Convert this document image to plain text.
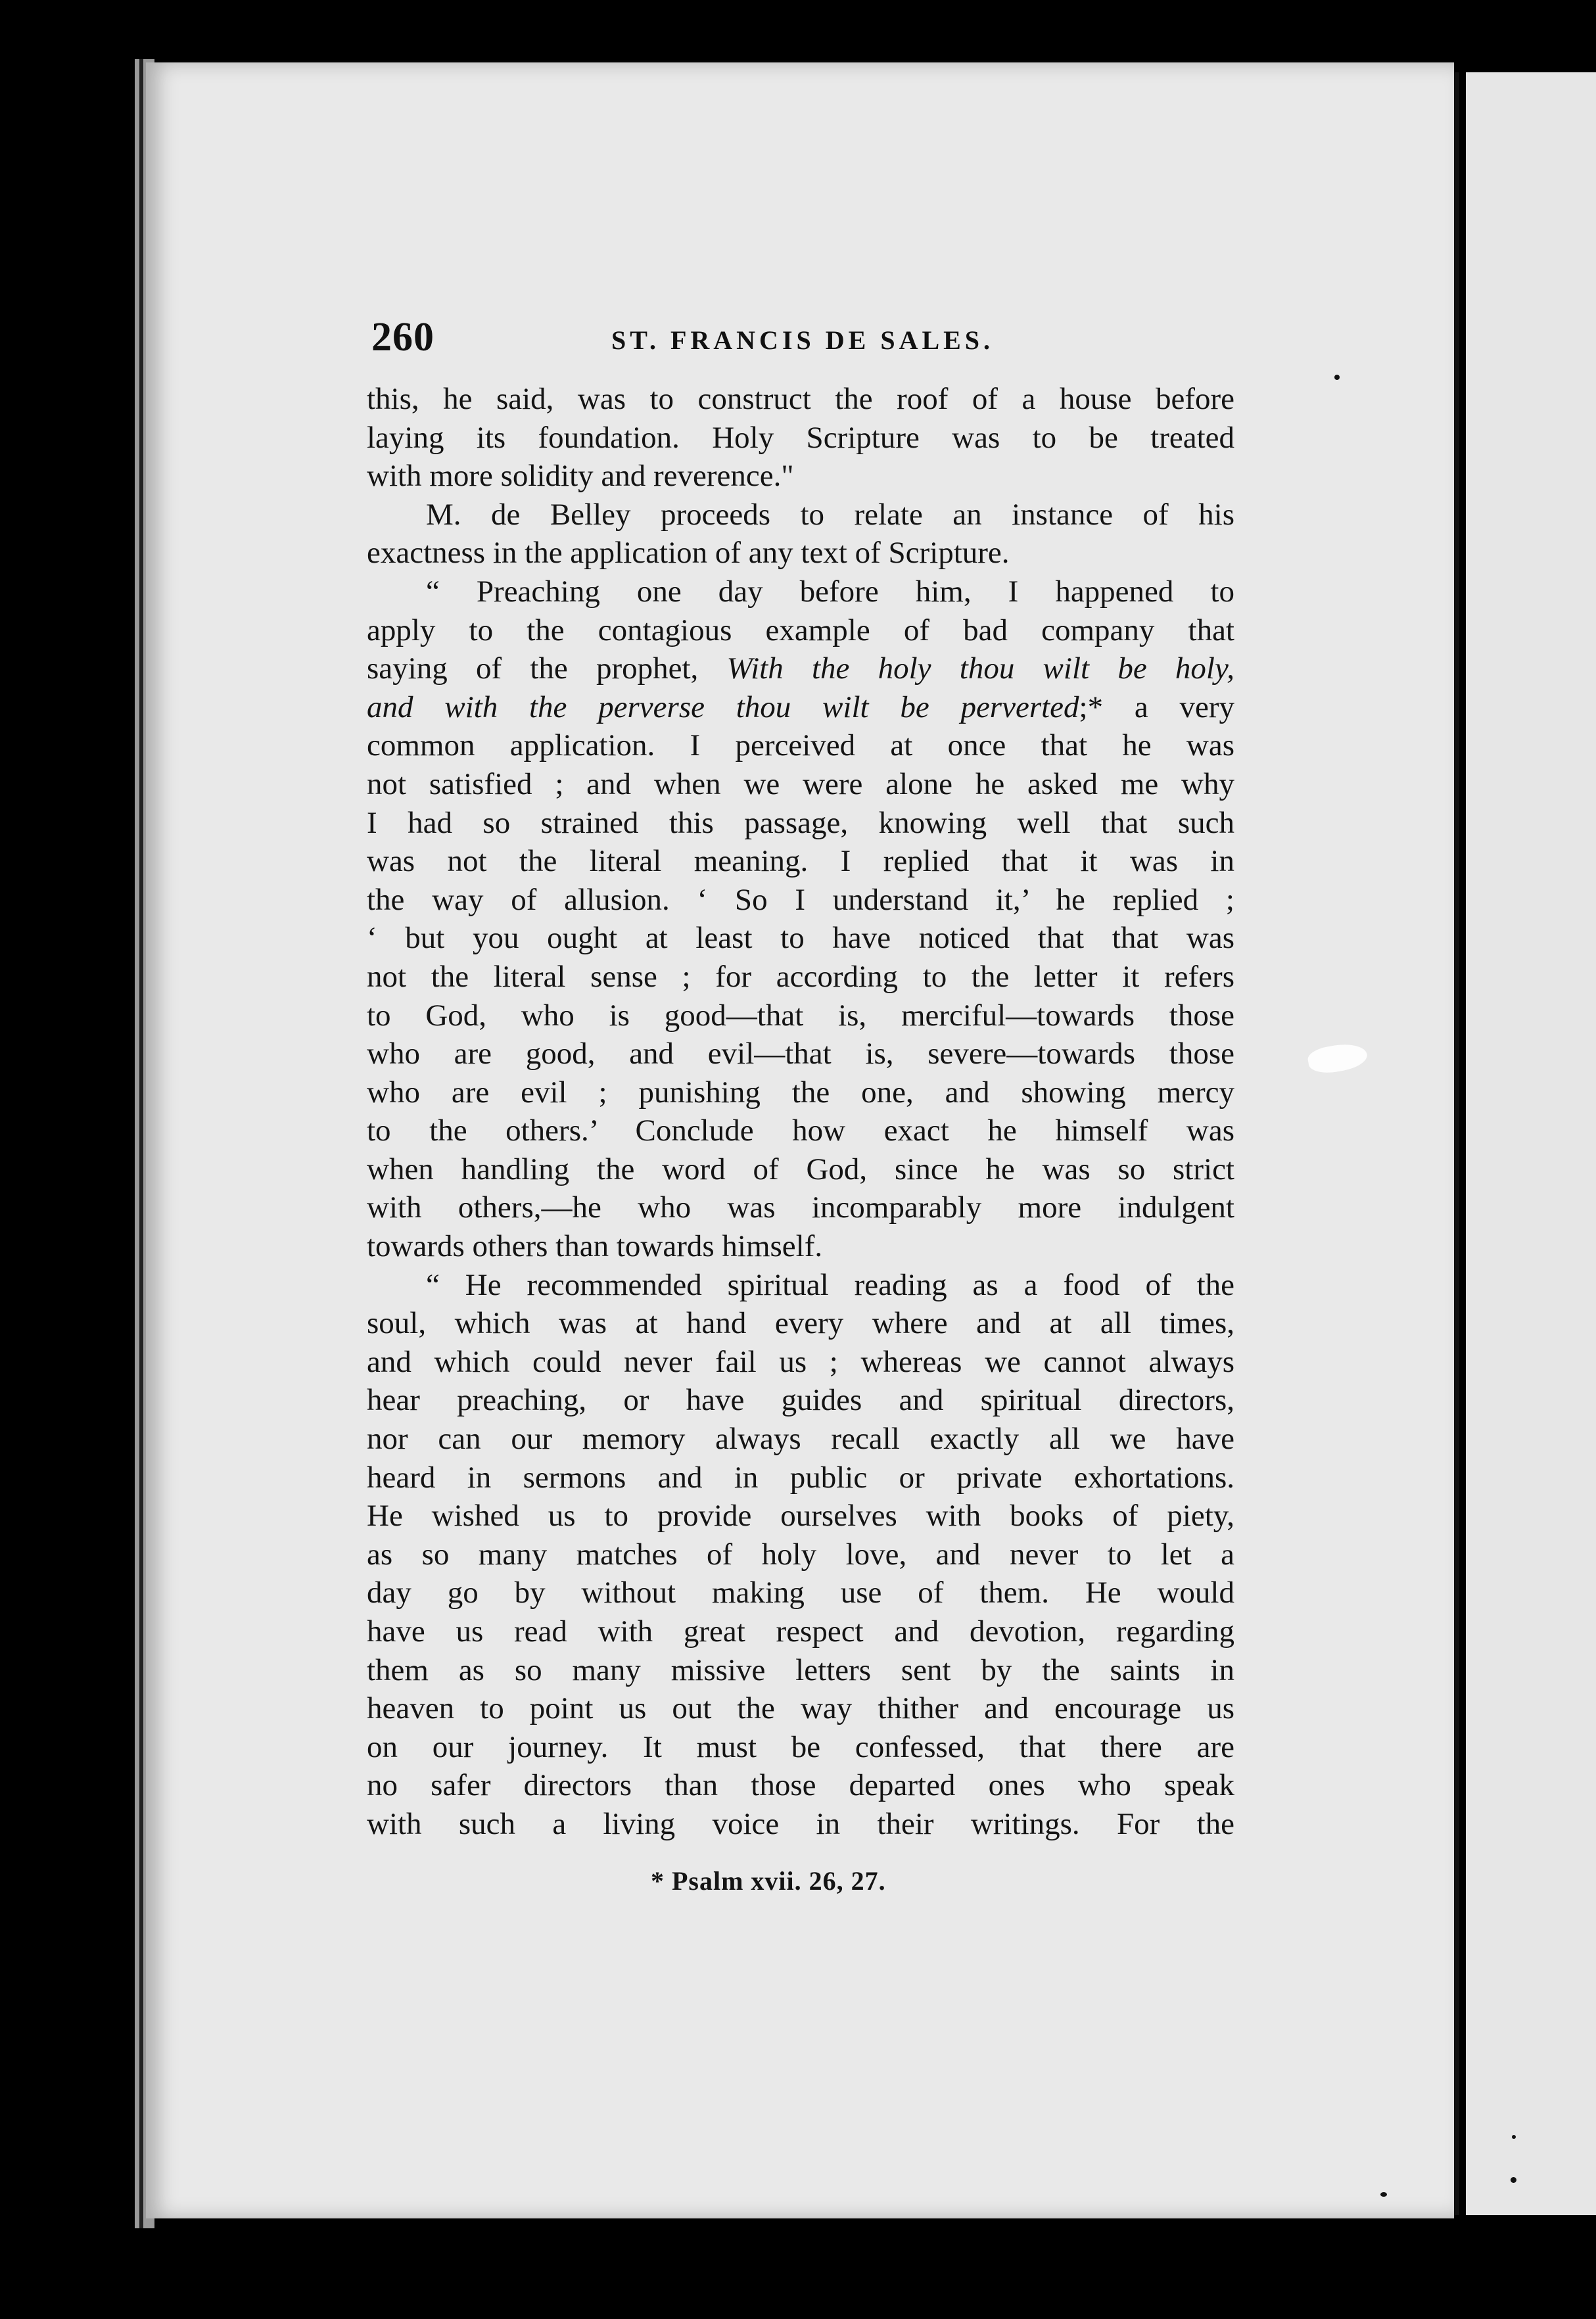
260	ST. FRANCIS DE SALES.
this, he said, was to construct the roof of a house before
laying its foundation. Holy Scripture was to be treated
with more solidity and reverence."
M. de Belley proceeds to relate an instance of his
exactness in the application of any text of Scripture.
“ Preaching one day before him, I happened to
apply to the contagious example of bad company that
saying of the prophet, With the holy thou wilt be holy,
and with the perverse thou wilt be perverted;* a very
common application. I perceived at once that he was
not satisfied ; and when we were alone he asked me why
I had so strained this passage, knowing well that such
was not the literal meaning. I replied that it was in
the way of allusion. ‘ So I understand it,’ he replied ;
‘ but you ought at least to have noticed that that was
not the literal sense ; for according to the letter it refers
to God, who is good—that is, merciful—towards those
who are good, and evil—that is, severe—towards those
who are evil ; punishing the one, and showing mercy
to the others.’ Conclude how exact he himself was
when handling the word of God, since he was so strict
with others,—he who was incomparably more indulgent
towards others than towards himself.
“ He recommended spiritual reading as a food of the
soul, which was at hand every where and at all times,
and which could never fail us ; whereas we cannot always
hear preaching, or have guides and spiritual directors,
nor can our memory always recall exactly all we have
heard in sermons and in public or private exhortations.
He wished us to provide ourselves with books of piety,
as so many matches of holy love, and never to let a
day go by without making use of them. He would
have us read with great respect and devotion, regarding
them as so many missive letters sent by the saints in
heaven to point us out the way thither and encourage us
on our journey. It must be confessed, that there are
no safer directors than those departed ones who speak
with such a living voice in their writings. For the
* Psalm xvii. 26, 27.
